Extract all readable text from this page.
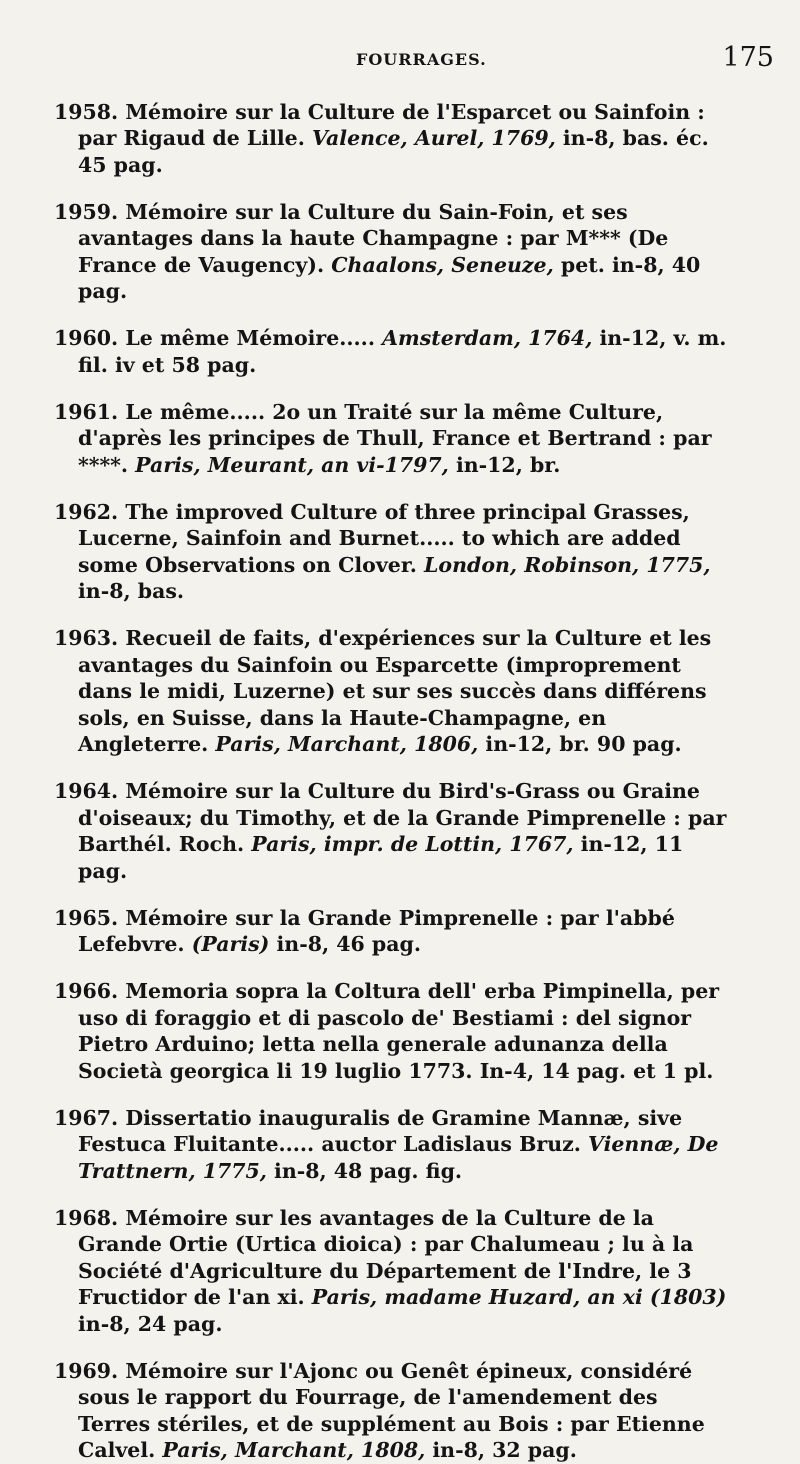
FOURRAGES.	175

1958. Mémoire sur la Culture de l'Esparcet ou Sainfoin : par Rigaud de Lille. Valence, Aurel, 1769, in-8, bas. éc. 45 pag.

1959. Mémoire sur la Culture du Sain-Foin, et ses avantages dans la haute Champagne : par M*** (De France de Vaugency). Chaalons, Seneuze, pet. in-8, 40 pag.

1960. Le même Mémoire..... Amsterdam, 1764, in-12, v. m. fil. iv et 58 pag.

1961. Le même..... 2o un Traité sur la même Culture, d'après les principes de Thull, France et Bertrand : par ****. Paris, Meurant, an vi-1797, in-12, br.

1962. The improved Culture of three principal Grasses, Lucerne, Sainfoin and Burnet..... to which are added some Observations on Clover. London, Robinson, 1775, in-8, bas.

1963. Recueil de faits, d'expériences sur la Culture et les avantages du Sainfoin ou Esparcette (improprement dans le midi, Luzerne) et sur ses succès dans différens sols, en Suisse, dans la Haute-Champagne, en Angleterre. Paris, Marchant, 1806, in-12, br. 90 pag.

1964. Mémoire sur la Culture du Bird's-Grass ou Graine d'oiseaux; du Timothy, et de la Grande Pimprenelle : par Barthél. Roch. Paris, impr. de Lottin, 1767, in-12, 11 pag.

1965. Mémoire sur la Grande Pimprenelle : par l'abbé Lefebvre. (Paris) in-8, 46 pag.

1966. Memoria sopra la Coltura dell' erba Pimpinella, per uso di foraggio et di pascolo de' Bestiami : del signor Pietro Arduino; letta nella generale adunanza della Società georgica li 19 luglio 1773. In-4, 14 pag. et 1 pl.

1967. Dissertatio inauguralis de Gramine Mannæ, sive Festuca Fluitante..... auctor Ladislaus Bruz. Viennæ, De Trattnern, 1775, in-8, 48 pag. fig.

1968. Mémoire sur les avantages de la Culture de la Grande Ortie (Urtica dioica) : par Chalumeau ; lu à la Société d'Agriculture du Département de l'Indre, le 3 Fructidor de l'an xi. Paris, madame Huzard, an xi (1803) in-8, 24 pag.

1969. Mémoire sur l'Ajonc ou Genêt épineux, considéré sous le rapport du Fourrage, de l'amendement des Terres stériles, et de supplément au Bois : par Etienne Calvel. Paris, Marchant, 1808, in-8, 32 pag.
